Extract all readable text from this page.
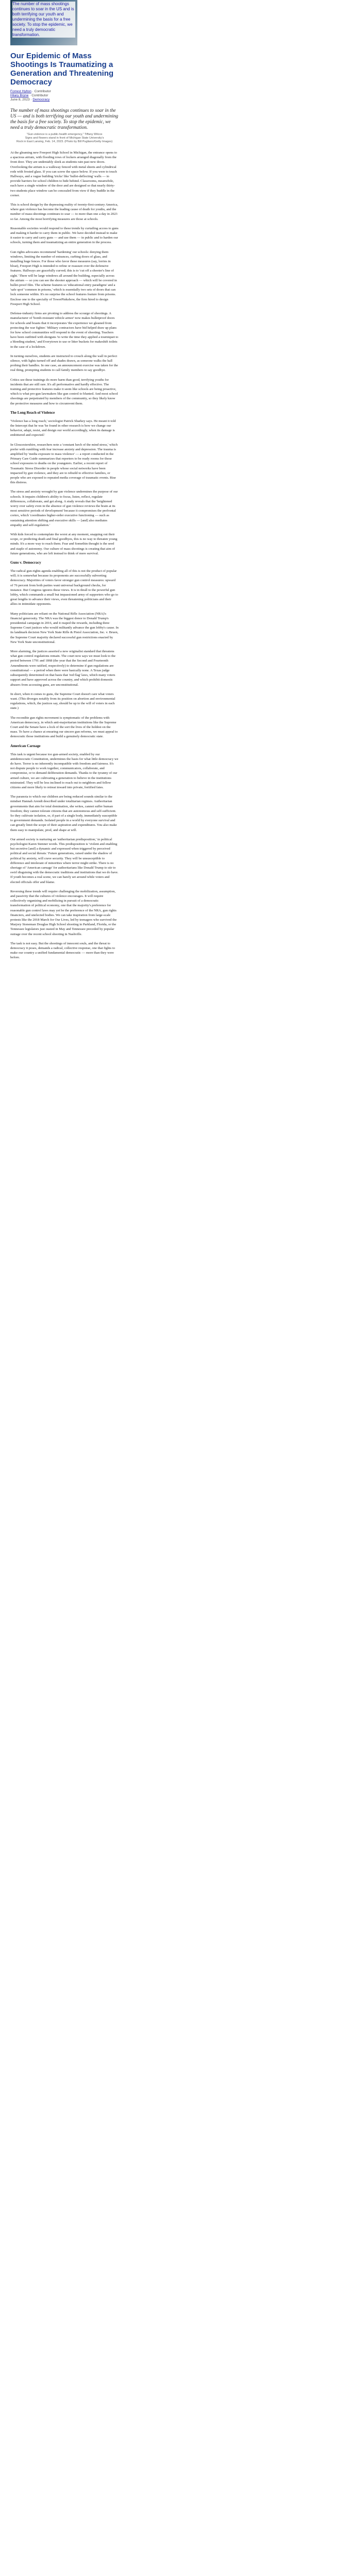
The number of mass shootings continues to soar in the US and is both terrifying our youth and undermining the basis for a free society. To stop the epidemic, we need a truly democratic transformation.
Our Epidemic of Mass Shootings Is Traumatizing a Generation and Threatening Democracy
Forrest Hylton · Contributor
Hilary Bryne · Contributor
June 8, 2023 · Democracy

The number of mass shootings continues to soar in the US — and is both terrifying our youth and undermining the basis for a free society. To stop the epidemic, we need a truly democratic transformation.

"Gun-violence is a public-health emergency," Tiffany Wilcox
Signs and flowers stand in front of Michigan State University's
Rock in East Lansing, Feb. 14, 2023. (Photo by Bill Pugliano/Getty Images)

At the gleaming new Freeport High School in Michigan, the entrance opens to a spacious atrium, with flooding rows of lockers arranged diagonally from the front door. They are undeniably sleek as students rain past new doors. Overlooking the atrium is a walkway fenced with metal sheets and cylindrical rods with frosted glass. If you can screw the space below. If you were to touch Hallways, and a vague building 'tricks' like 'bullet-deflecting' walls — to provide barriers for school children to hide behind. Classrooms, meanwhile, each have a single window of the door and are designed so that nearly thirty-two students place window can be concealed from view if they huddle in the corner.

This is school design by the depressing reality of twenty-first-century America, where gun violence has become the leading cause of death for youths, and the number of mass-shootings continues to soar — to more than one a day in 2023 so far. Among the most horrifying measures are those at schools.

Reasonable societies would respond to these trends by curtailing access to guns and making it harder to carry them in public. We have decided instead to make it easier to carry and carry guns — and use them — in public and to harden our schools, turning them and traumatizing an entire generation in the process.

Gun rights advocates recommend 'hardening' our schools: denying them windows, limiting the number of entrances, curbing doors of glass, and installing huge fences. For those who favor these measures (say, lorries in bloat), Freeport High is intended to refine or reassure over the defensive features. Hallways are gracefully curved; this is to 'cut off a shooter's line of sight.' There will be large windows all around the building, especially across the atrium — so you can see the shooter approach — which will be covered in bullet-proof film. The scheme features so 'educational entry paradigms' and a 'safe spot' 'common in prisons,' which is essentially two sets of doors that can lock someone within. It's no surprise the school features feature from prisons. Enclose one to the specialty of TowerPinkshow, the firm hired to design Freeport High School.

Defense-industry firms are pivoting to address the scourge of shootings. A manufacturer of 'bomb-resistant vehicle armor' now makes bulletproof doors for schools and boasts that it incorporates 'the experience we gleaned from protecting the war fighter.' Military contractors have bid helped draw up plans for how school communities will respond to the event of shooting. Teachers have been outfitted with shotguns 'to write the time they applied a tourniquet to a bleeding student,' and Everytown to use or litter buckets for makeshift toilets in the case of a lockdown.

In turning ourselves, students are instructed to crouch along the wall in perfect silence, with lights turned off and shades drawn, as someone walks the hall probing their handles. In one case, an announcement exercise was taken for the real thing, prompting students to call family members to say goodbye.

Critics see these trainings do more harm than good, terrifying youths for incidents that are still rare. It's all performative and hardly effective. The training and protective features make it seem like schools are being proactive, which is what pro-gun lawmakers like gun control to blunted. And most school shootings are perpetrated by members of the community, so they likely know the protective measures and how to circumvent them.

The Long Reach of Violence

'Violence has a long reach,' sociologist Patrick Sharkey says. He meant it told the Intercept that he was 'he found in other research is how we change our behavior, adapt, resist, and design our world accordingly, when its damage is embittered and expected.'

In Gloucestershire, researchers note a 'constant lurch of the mind stress,' which prefer with rumbling with fear increase anxiety and depression. The trauma is amplified by 'media exposure to mass violence' — a report conducted in the Primary Care Guide summarizes that reporters to be ready rooms for those school exposures to deaths on the youngsters. Earlier, a recent report of Traumatic Stress Disorder in people whose social networks have been impacted by gun violence, and they are to rebuild to effective families, or people who are exposed to repeated media coverage of traumatic events. Rise this distress.

The stress and anxiety wrought by gun violence undermines the purpose of our schools. It impairs children's ability to focus, listen, reflect, regulate differences, collaborate, and get along. A study reveals that the 'heightened worry over safety even in the absence of gun violence reviews the brain at its most sensitive periods of development' because it compromises the prefrontal cortex, which 'coordinates higher-order executive functioning — such as sustaining attention shifting and executive skills — [and] also mediates empathy and self-regulation.'

With kids forced to contemplate the worst at any moment, snapping out their scope, or predicting death and final goodbyes, this is no way to threaten young minds. It's a more way to reach them. Fear and Somethin thought is the seed and staple of autonomy. Our culture of mass shootings is creating that aim of future generations, who are left instead to think of mere survival.

Guns v. Democracy

The radical gun-rights agenda enabling all of this is not the product of popular will; it is somewhat because its proponents are successfully subverting democracy. Majorities of voters favor stronger gun control measures: upward of 76 percent from both parties want universal background checks, for instance. But Congress ignores these views. It is in thrall to the powerful gun lobby, which commands a small but impassioned army of supporters who go to great lengths to advance their views, even threatening politicians and their allies in intimidate opponents.

Many politicians are reliant on the National Rifle Association (NRA)'s financial generosity. The NRA was the biggest donor to Donald Trump's presidential campaign in 2016, and it reaped the rewards, including three Supreme Court justices who would militantly advance the gun lobby's cause. In its landmark decision New York State Rifle & Pistol Association, Inc. v. Bruen, the Supreme Court majority declared successful gun restrictions enacted by New York State unconstitutional.

More alarming, the justices asserted a new originalist standard that threatens what gun control regulations remain. The court now says we must look to the period between 1791 and 1868 (the year that the Second and Fourteenth Amendments were ratified, respectively) to determine if gun regulations are constitutional — a period when there were basically none. A Texas judge subsequently determined on that basis that 'red flag' laws, which many voters support and have approved across the country, and which prohibit domestic abusers from accessing guns, are unconstitutional.

In short, when it comes to guns, the Supreme Court doesn't care what voters want. (This diverges notably from its position on abortion and environmental regulations, which, the justices say, should be up to the will of voters in each state.)

The recondite gun rights movement is symptomatic of the problems with American democracy, in which anti-majoritarian institutions like the Supreme Court and the Senate have a lock of the sort the lives of the holdest on the mass. To have a chance at ensuring our sincere gun reforms, we must appeal to democratic those institutions and build a genuinely democratic state.

American Carnage

This task is urgent because too gun-armed society, enabled by our antidemocratic Constitution, undermines the basis for what little democracy we do have. Terror is no inherently incompatible with freedom and fairness. It's not dispute people to work together, communicators, collaborate, and compromise, or to demand deliberation demands. Thanks to the tyranny of our armed culture, we are cultivating a generation to believe in the institutions mistrusted. They will be less inclined to reach out to neighbors and fellow citizens and more likely to retreat inward into private, fortified fates.

The paranoia to which our children are being reduced sounds similar to the mindset Hannah Arendt described under totalitarian regimes. Authoritarian governments that aim for total domination, she writes, cannot suffer human freedom; they cannot tolerate citizens that are autonomous and self-sufficient. So they cultivate isolation, or, if part of a single body, immediately susceptible to government demands. Isolated people in a world by everyone survival and can greatly limit the scope of their aspiration and expenditures. You also make them easy to manipulate, prod, and shape at will.

Our armed society is nurturing an 'authoritarian predisposition,' in political psychologist Karen Stenner words. This predisposition is 'violent and enabling but secretive [and] a dynamic and expressed when triggered by perceived political and social threats.' Future generations, raised under the shadow of political by anxiety, will crave security. They will be unsusceptible to difference and intolerant of minorities where terror might strike. There is no shortage of 'American carnage' for authoritarians like Donald Trump to stir to swirl disguising with the democratic traditions and institutions that we do have. If youth becomes a real scene, we can barely set around while voters and elected officials offer and blame.

Reversing these trends will require challenging the mobilization, assumption, and passivity that the cultures of violence encourages. It will require collectively organizing and mobilizing in pursuit of a democratic transformation of political economy, one that the majority's preference for reasonable gun control laws may yet be the preference of the NRA, gun rights financiers, and unelected bodies. We can take inspiration from large-scale protests like the 2018 March for Our Lives, led by teenagers who survived the Marjory Stoneman Douglas High School shooting in Parkland, Florida, or the Tennessee legislators just ousted in May and Tennessee preceded by popular outrage over the recent school shooting in Nashville.

The task is not easy. But the shootings of innocent souls, and the threat to democracy it poses, demands a radical, collective response, one that fights to make our country a unified fundamental democratic — more than they were before.
